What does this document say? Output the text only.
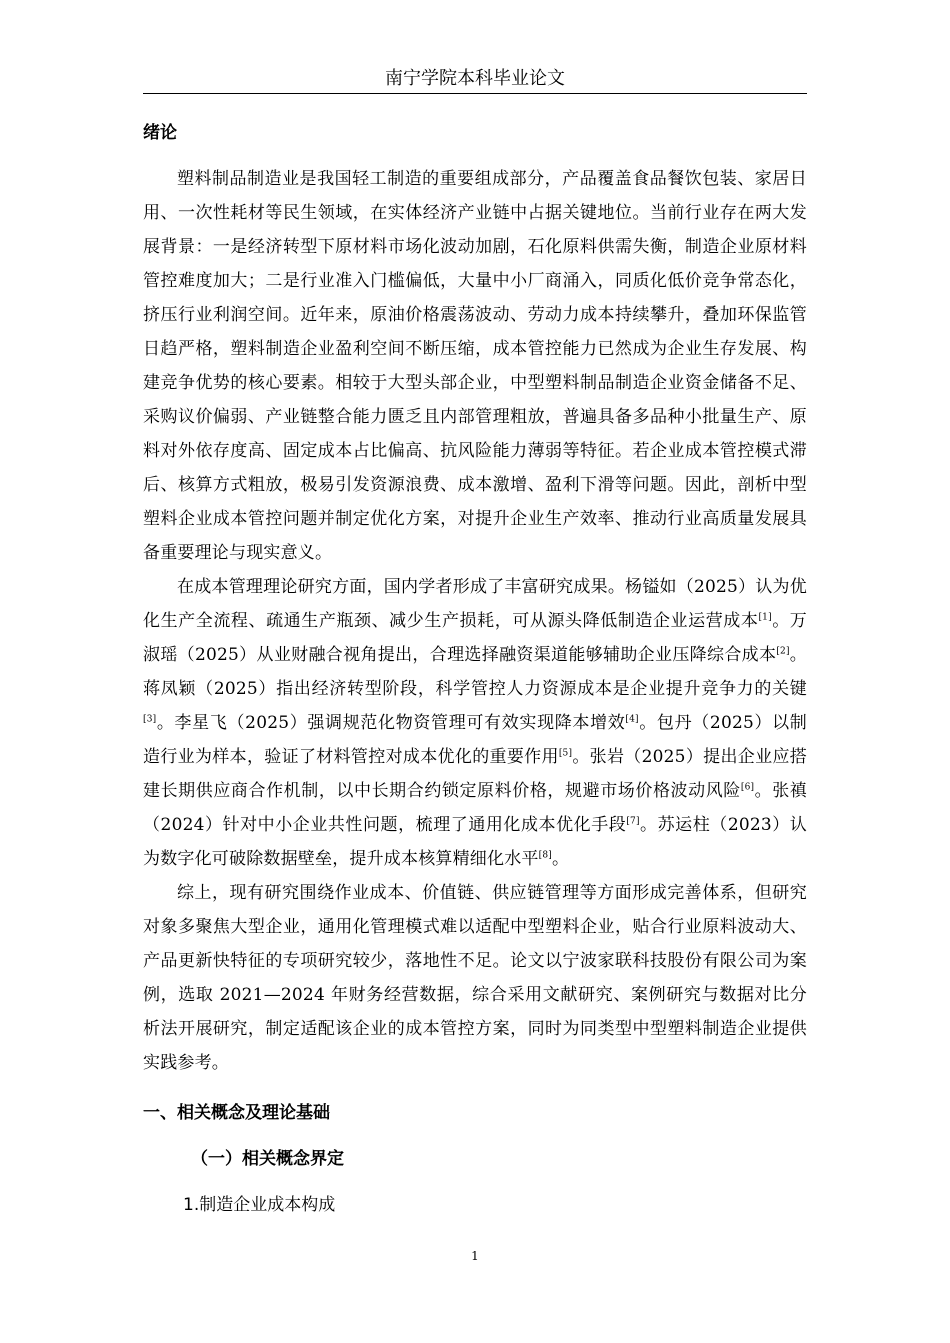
南宁学院本科毕业论文

绪论

塑料制品制造业是我国轻工制造的重要组成部分，产品覆盖食品餐饮包装、家居日用、一次性耗材等民生领域，在实体经济产业链中占据关键地位。当前行业存在两大发展背景：一是经济转型下原材料市场化波动加剧，石化原料供需失衡，制造企业原材料管控难度加大；二是行业准入门槛偏低，大量中小厂商涌入，同质化低价竞争常态化，挤压行业利润空间。近年来，原油价格震荡波动、劳动力成本持续攀升，叠加环保监管日趋严格，塑料制造企业盈利空间不断压缩，成本管控能力已然成为企业生存发展、构建竞争优势的核心要素。相较于大型头部企业，中型塑料制品制造企业资金储备不足、采购议价偏弱、产业链整合能力匮乏且内部管理粗放，普遍具备多品种小批量生产、原料对外依存度高、固定成本占比偏高、抗风险能力薄弱等特征。若企业成本管控模式滞后、核算方式粗放，极易引发资源浪费、成本激增、盈利下滑等问题。因此，剖析中型塑料企业成本管控问题并制定优化方案，对提升企业生产效率、推动行业高质量发展具备重要理论与现实意义。

在成本管理理论研究方面，国内学者形成了丰富研究成果。杨镒如（2025）认为优化生产全流程、疏通生产瓶颈、减少生产损耗，可从源头降低制造企业运营成本[1]。万淑瑶（2025）从业财融合视角提出，合理选择融资渠道能够辅助企业压降综合成本[2]。蒋凤颖（2025）指出经济转型阶段，科学管控人力资源成本是企业提升竞争力的关键[3]。李星飞（2025）强调规范化物资管理可有效实现降本增效[4]。包丹（2025）以制造行业为样本，验证了材料管控对成本优化的重要作用[5]。张岩（2025）提出企业应搭建长期供应商合作机制，以中长期合约锁定原料价格，规避市场价格波动风险[6]。张禛（2024）针对中小企业共性问题，梳理了通用化成本优化手段[7]。苏运柱（2023）认为数字化可破除数据壁垒，提升成本核算精细化水平[8]。

综上，现有研究围绕作业成本、价值链、供应链管理等方面形成完善体系，但研究对象多聚焦大型企业，通用化管理模式难以适配中型塑料企业，贴合行业原料波动大、产品更新快特征的专项研究较少，落地性不足。论文以宁波家联科技股份有限公司为案例，选取 2021—2024 年财务经营数据，综合采用文献研究、案例研究与数据对比分析法开展研究，制定适配该企业的成本管控方案，同时为同类型中型塑料制造企业提供实践参考。

一、相关概念及理论基础

（一）相关概念界定

1.制造企业成本构成

1
